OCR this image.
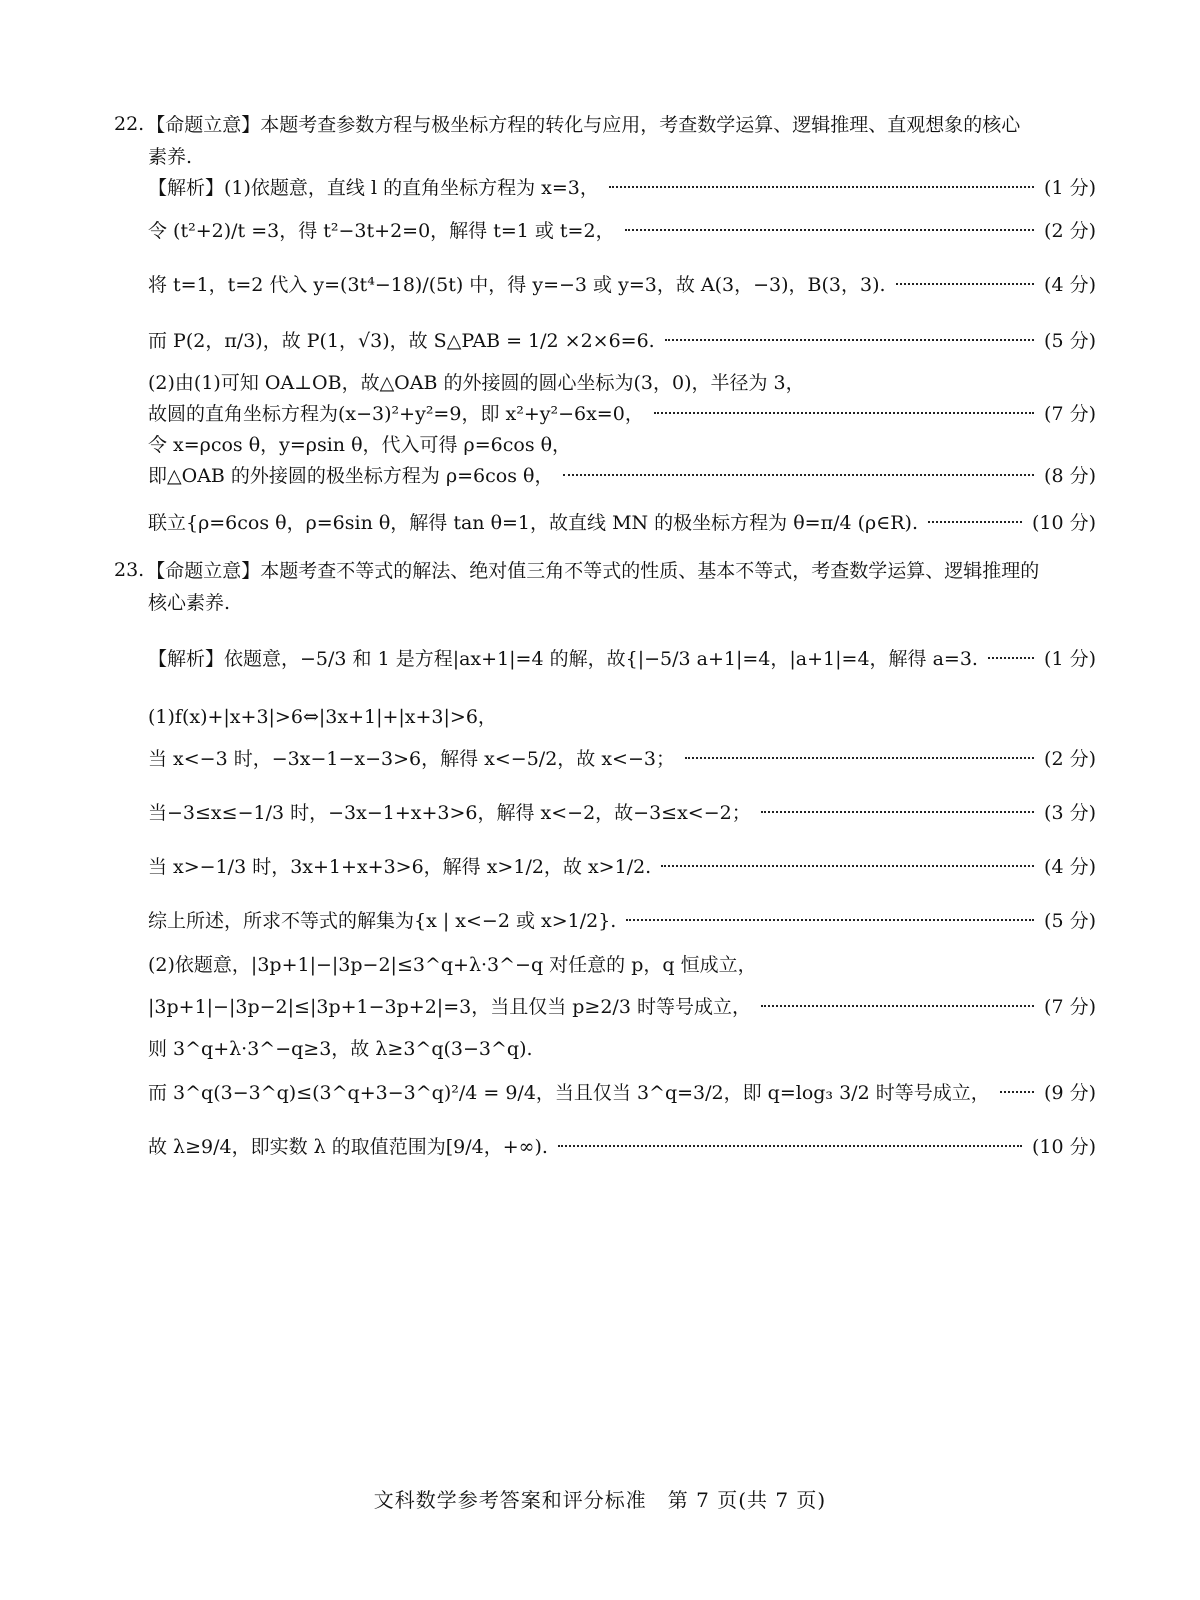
22. 【命题立意】本题考查参数方程与极坐标方程的转化与应用，考查数学运算、逻辑推理、直观想象的核心
素养.
【解析】(1)依题意，直线 l 的直角坐标方程为 x=3，	(1 分)
令 (t²+2)/t =3，得 t²−3t+2=0，解得 t=1 或 t=2，	(2 分)
将 t=1，t=2 代入 y=(3t⁴−18)/(5t) 中，得 y=−3 或 y=3，故 A(3，−3)，B(3，3).	(4 分)
而 P(2，π/3)，故 P(1，√3)，故 S△PAB = 1/2 ×2×6=6.	(5 分)
(2)由(1)可知 OA⊥OB，故△OAB 的外接圆的圆心坐标为(3，0)，半径为 3，
故圆的直角坐标方程为(x−3)²+y²=9，即 x²+y²−6x=0，	(7 分)
令 x=ρcos θ，y=ρsin θ，代入可得 ρ=6cos θ，
即△OAB 的外接圆的极坐标方程为 ρ=6cos θ，	(8 分)
联立{ρ=6cos θ，ρ=6sin θ，解得 tan θ=1，故直线 MN 的极坐标方程为 θ=π/4 (ρ∈R).	(10 分)
23. 【命题立意】本题考查不等式的解法、绝对值三角不等式的性质、基本不等式，考查数学运算、逻辑推理的
核心素养.
【解析】依题意，−5/3 和 1 是方程|ax+1|=4 的解，故{|−5/3 a+1|=4，|a+1|=4，解得 a=3.	(1 分)
(1)f(x)+|x+3|>6⇔|3x+1|+|x+3|>6，
当 x<−3 时，−3x−1−x−3>6，解得 x<−5/2，故 x<−3；	(2 分)
当−3≤x≤−1/3 时，−3x−1+x+3>6，解得 x<−2，故−3≤x<−2；	(3 分)
当 x>−1/3 时，3x+1+x+3>6，解得 x>1/2，故 x>1/2.	(4 分)
综上所述，所求不等式的解集为{x | x<−2 或 x>1/2}.	(5 分)
(2)依题意，|3p+1|−|3p−2|≤3^q+λ·3^−q 对任意的 p，q 恒成立，
|3p+1|−|3p−2|≤|3p+1−3p+2|=3，当且仅当 p≥2/3 时等号成立，	(7 分)
则 3^q+λ·3^−q≥3，故 λ≥3^q(3−3^q).
而 3^q(3−3^q)≤(3^q+3−3^q)²/4 = 9/4，当且仅当 3^q=3/2，即 q=log₃ 3/2 时等号成立，	(9 分)
故 λ≥9/4，即实数 λ 的取值范围为[9/4，+∞).	(10 分)
文科数学参考答案和评分标准　第 7 页(共 7 页)
